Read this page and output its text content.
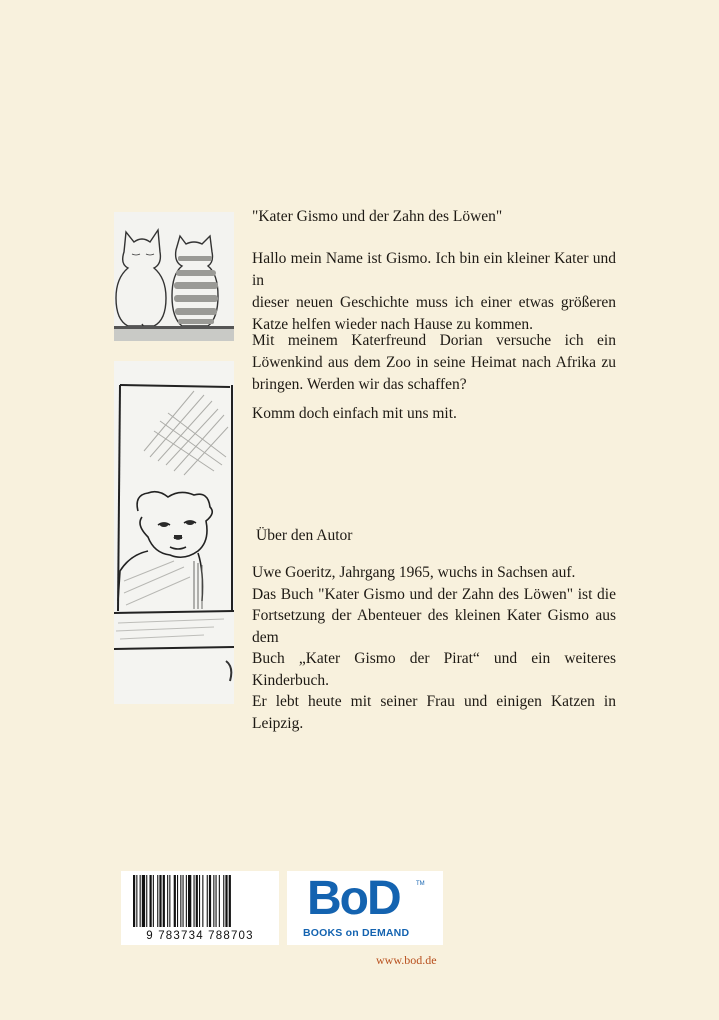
"Kater Gismo und der Zahn des Löwen"
Hallo mein Name ist Gismo. Ich bin ein kleiner Kater und in
dieser neuen Geschichte muss ich einer etwas größeren
Katze helfen wieder nach Hause zu kommen.
Mit meinem Katerfreund Dorian versuche ich ein
Löwenkind aus dem Zoo in seine Heimat nach Afrika zu
bringen. Werden wir das schaffen?
Komm doch einfach mit uns mit.
Über den Autor
Uwe Goeritz, Jahrgang 1965, wuchs in Sachsen auf.
Das Buch "Kater Gismo und der Zahn des Löwen" ist die
Fortsetzung der Abenteuer des kleinen Kater Gismo aus dem
Buch „Kater Gismo der Pirat“ und ein weiteres Kinderbuch.
Er lebt heute mit seiner Frau und einigen Katzen in Leipzig.
9 783734 788703
BoD	TM
BOOKS on DEMAND
www.bod.de
